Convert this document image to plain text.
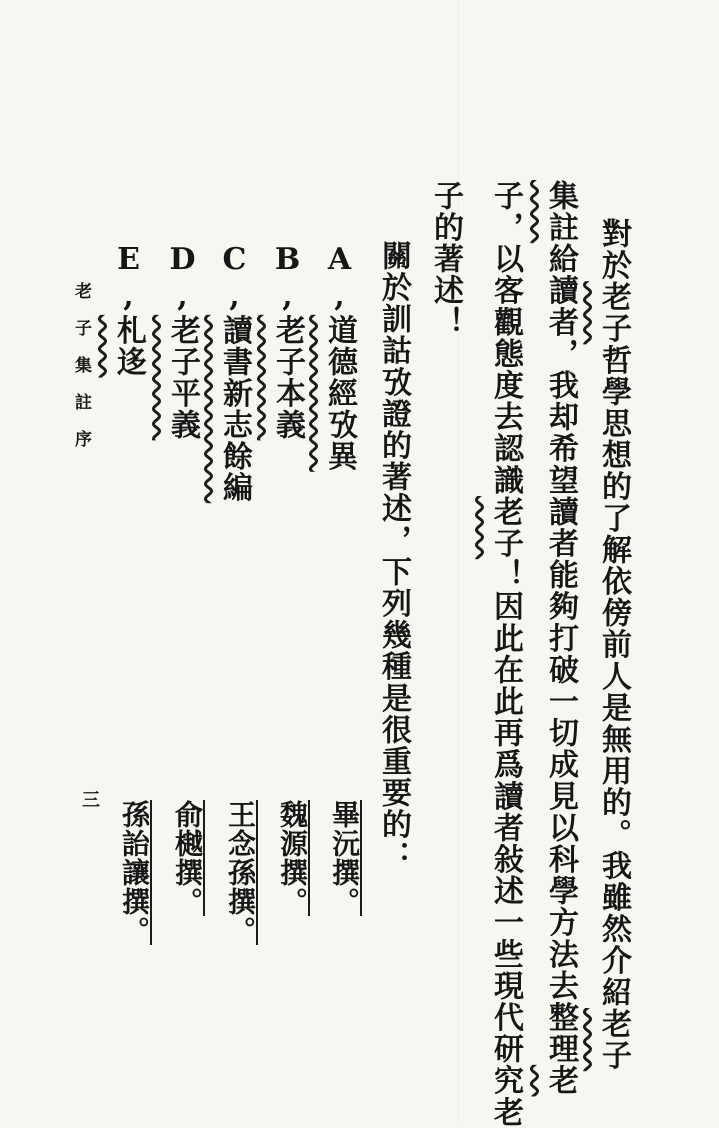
對於老子哲學思想的了解依傍前人是無用的。我雖然介紹老子
集註給讀者，我却希望讀者能夠打破一切成見以科學方法去整理老
子，以客觀態度去認識老子！因此在此再爲讀者敍述一些現代研究老
子的著述！
關於訓詁攷證的著述，下列幾種是很重要的：
A,道德經攷異
B,老子本義
C,讀書新志餘編
D,老子平義
E,札迻
畢沅撰。
魏源撰。
王念孫撰。
俞樾撰。
孫詒讓撰。
老子集註序
三
